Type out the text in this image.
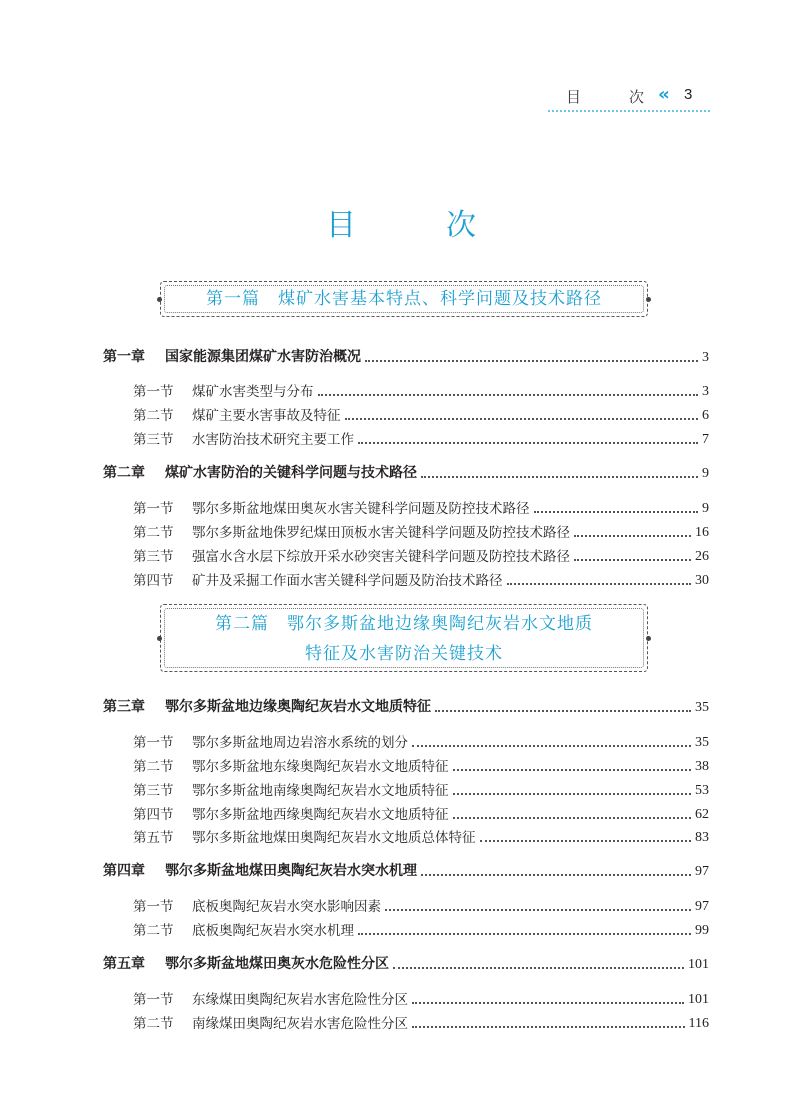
目	次 ‹‹ 3
目	次
第一篇　煤矿水害基本特点、科学问题及技术路径
第二篇　鄂尔多斯盆地边缘奥陶纪灰岩水文地质
特征及水害防治关键技术
第一章	国家能源集团煤矿水害防治概况	3
第一节	煤矿水害类型与分布	3
第二节	煤矿主要水害事故及特征	6
第三节	水害防治技术研究主要工作	7
第二章	煤矿水害防治的关键科学问题与技术路径	9
第一节	鄂尔多斯盆地煤田奥灰水害关键科学问题及防控技术路径	9
第二节	鄂尔多斯盆地侏罗纪煤田顶板水害关键科学问题及防控技术路径	16
第三节	强富水含水层下综放开采水砂突害关键科学问题及防控技术路径	26
第四节	矿井及采掘工作面水害关键科学问题及防治技术路径	30
第三章	鄂尔多斯盆地边缘奥陶纪灰岩水文地质特征	35
第一节	鄂尔多斯盆地周边岩溶水系统的划分	35
第二节	鄂尔多斯盆地东缘奥陶纪灰岩水文地质特征	38
第三节	鄂尔多斯盆地南缘奥陶纪灰岩水文地质特征	53
第四节	鄂尔多斯盆地西缘奥陶纪灰岩水文地质特征	62
第五节	鄂尔多斯盆地煤田奥陶纪灰岩水文地质总体特征	83
第四章	鄂尔多斯盆地煤田奥陶纪灰岩水突水机理	97
第一节	底板奥陶纪灰岩水突水影响因素	97
第二节	底板奥陶纪灰岩水突水机理	99
第五章	鄂尔多斯盆地煤田奥灰水危险性分区	101
第一节	东缘煤田奥陶纪灰岩水害危险性分区	101
第二节	南缘煤田奥陶纪灰岩水害危险性分区	116
